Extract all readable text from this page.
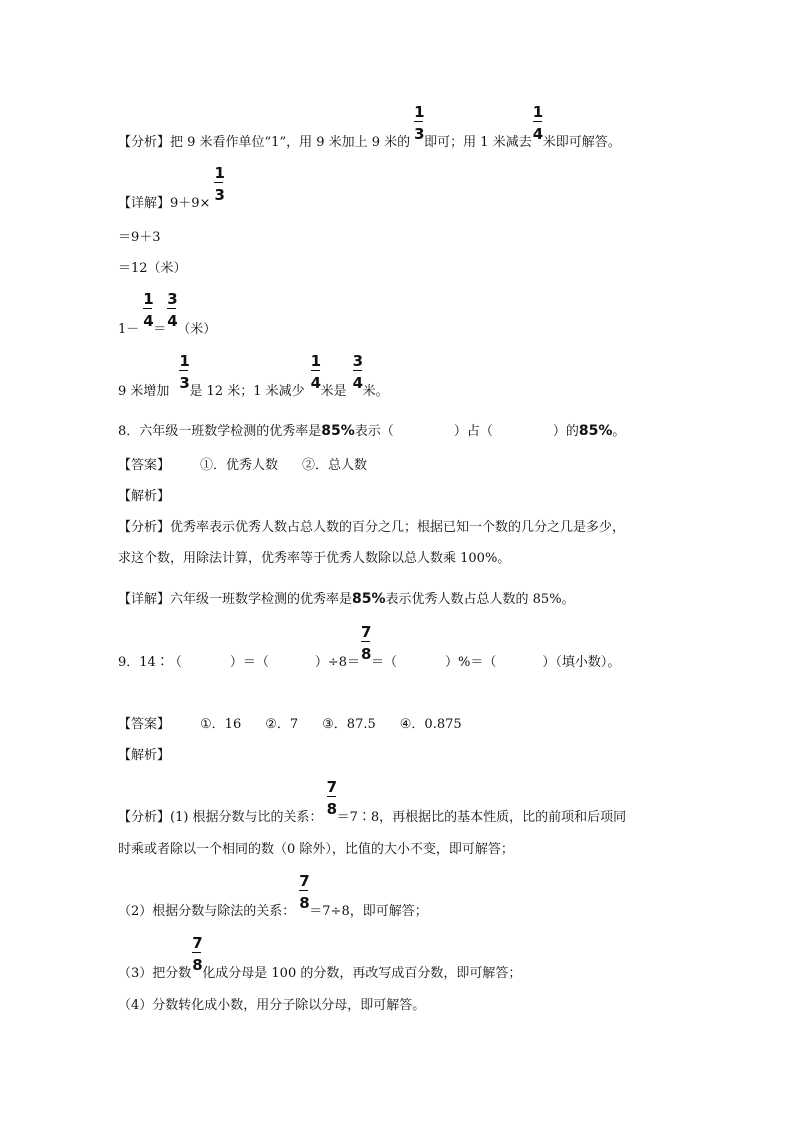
【分析】把 9 米看作单位“1”，用 9 米加上 9 米的 $\frac{1}{3}$ 即可；用 1 米减去 $\frac{1}{4}$ 米即可解答。
【详解】$9+9\times \frac{1}{3}$
＝9＋3
＝12（米）
$1- \frac{1}{4} = \frac{3}{4}$ （米）
9 米增加 $\frac{1}{3}$ 是 12 米；1 米减少 $\frac{1}{4}$ 米是 $\frac{3}{4}$ 米。
8．六年级一班数学检测的优秀率是85%表示（	）占（	）的85%。
【答案】 ①．优秀人数 ②．总人数
【解析】
【分析】优秀率表示优秀人数占总人数的百分之几；根据已知一个数的几分之几是多少，
求这个数，用除法计算，优秀率等于优秀人数除以总人数乘 100%。
【详解】六年级一班数学检测的优秀率是85%表示优秀人数占总人数的 85%。
9．14∶（	）＝（	）$\div 8= \frac{7}{8}$ ＝（	）%＝（	）（填小数）。
【答案】 ①．16 ②．7 ③．87.5 ④．0.875
【解析】
【分析】(1) 根据分数与比的关系： $\frac{7}{8}$ ＝7∶8，再根据比的基本性质，比的前项和后项同
时乘或者除以一个相同的数（0 除外），比值的大小不变，即可解答；
（2）根据分数与除法的关系： $\frac{7}{8} =7\div 8$，即可解答；
（3）把分数 $\frac{7}{8}$ 化成分母是 100 的分数，再改写成百分数，即可解答；
（4）分数转化成小数，用分子除以分母，即可解答。
